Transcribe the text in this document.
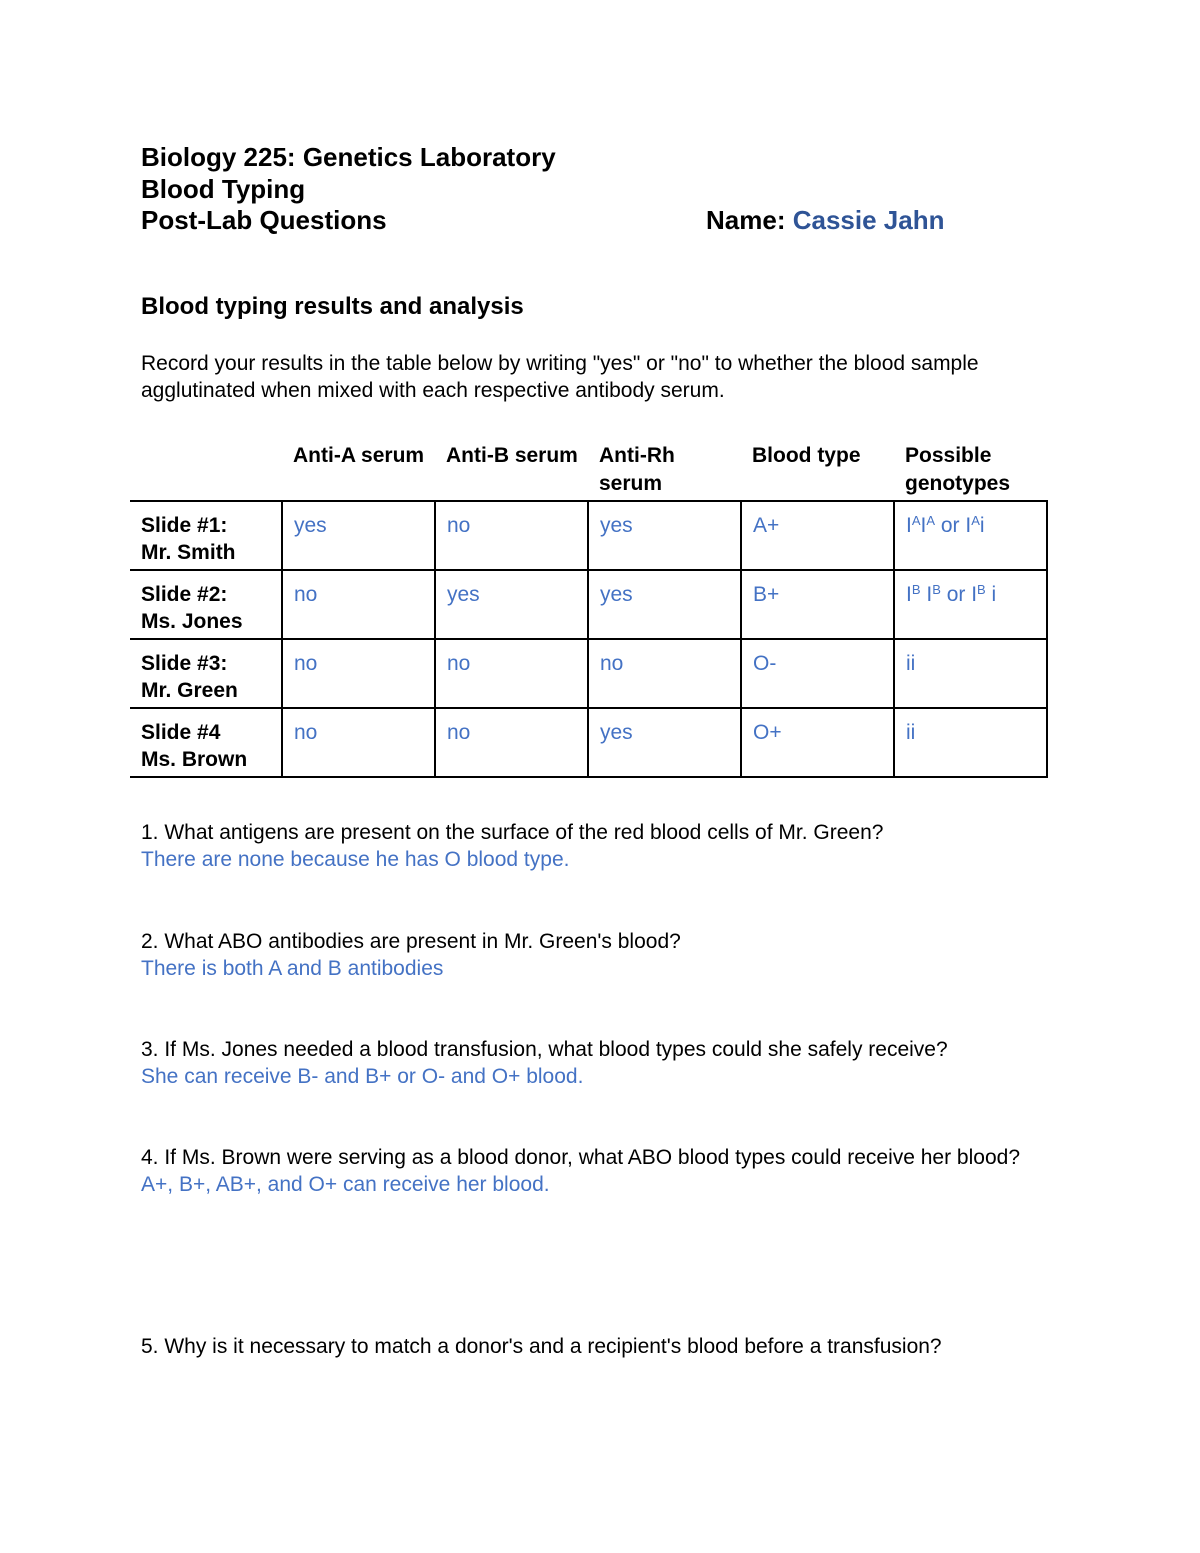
Biology 225: Genetics Laboratory
Blood Typing
Post-Lab Questions	Name: Cassie Jahn
Blood typing results and analysis
Record your results in the table below by writing "yes" or "no" to whether the blood sample agglutinated when mixed with each respective antibody serum.
	Anti-A serum	Anti-B serum	Anti-Rh serum	Blood type	Possible genotypes
Slide #1:
Mr. Smith	yes	no	yes	A+	$I^AI^A$ or $I^Ai$
Slide #2:
Ms. Jones	no	yes	yes	B+	$I^B$ $I^B$ or $I^B$ i
Slide #3:
Mr. Green	no	no	no	O-	ii
Slide #4
Ms. Brown	no	no	yes	O+	ii
1. What antigens are present on the surface of the red blood cells of Mr. Green?
There are none because he has O blood type.
2. What ABO antibodies are present in Mr. Green's blood?
There is both A and B antibodies
3. If Ms. Jones needed a blood transfusion, what blood types could she safely receive?
She can receive B- and B+ or O- and O+ blood.
4. If Ms. Brown were serving as a blood donor, what ABO blood types could receive her blood?
A+, B+, AB+, and O+ can receive her blood.
5. Why is it necessary to match a donor's and a recipient's blood before a transfusion?
